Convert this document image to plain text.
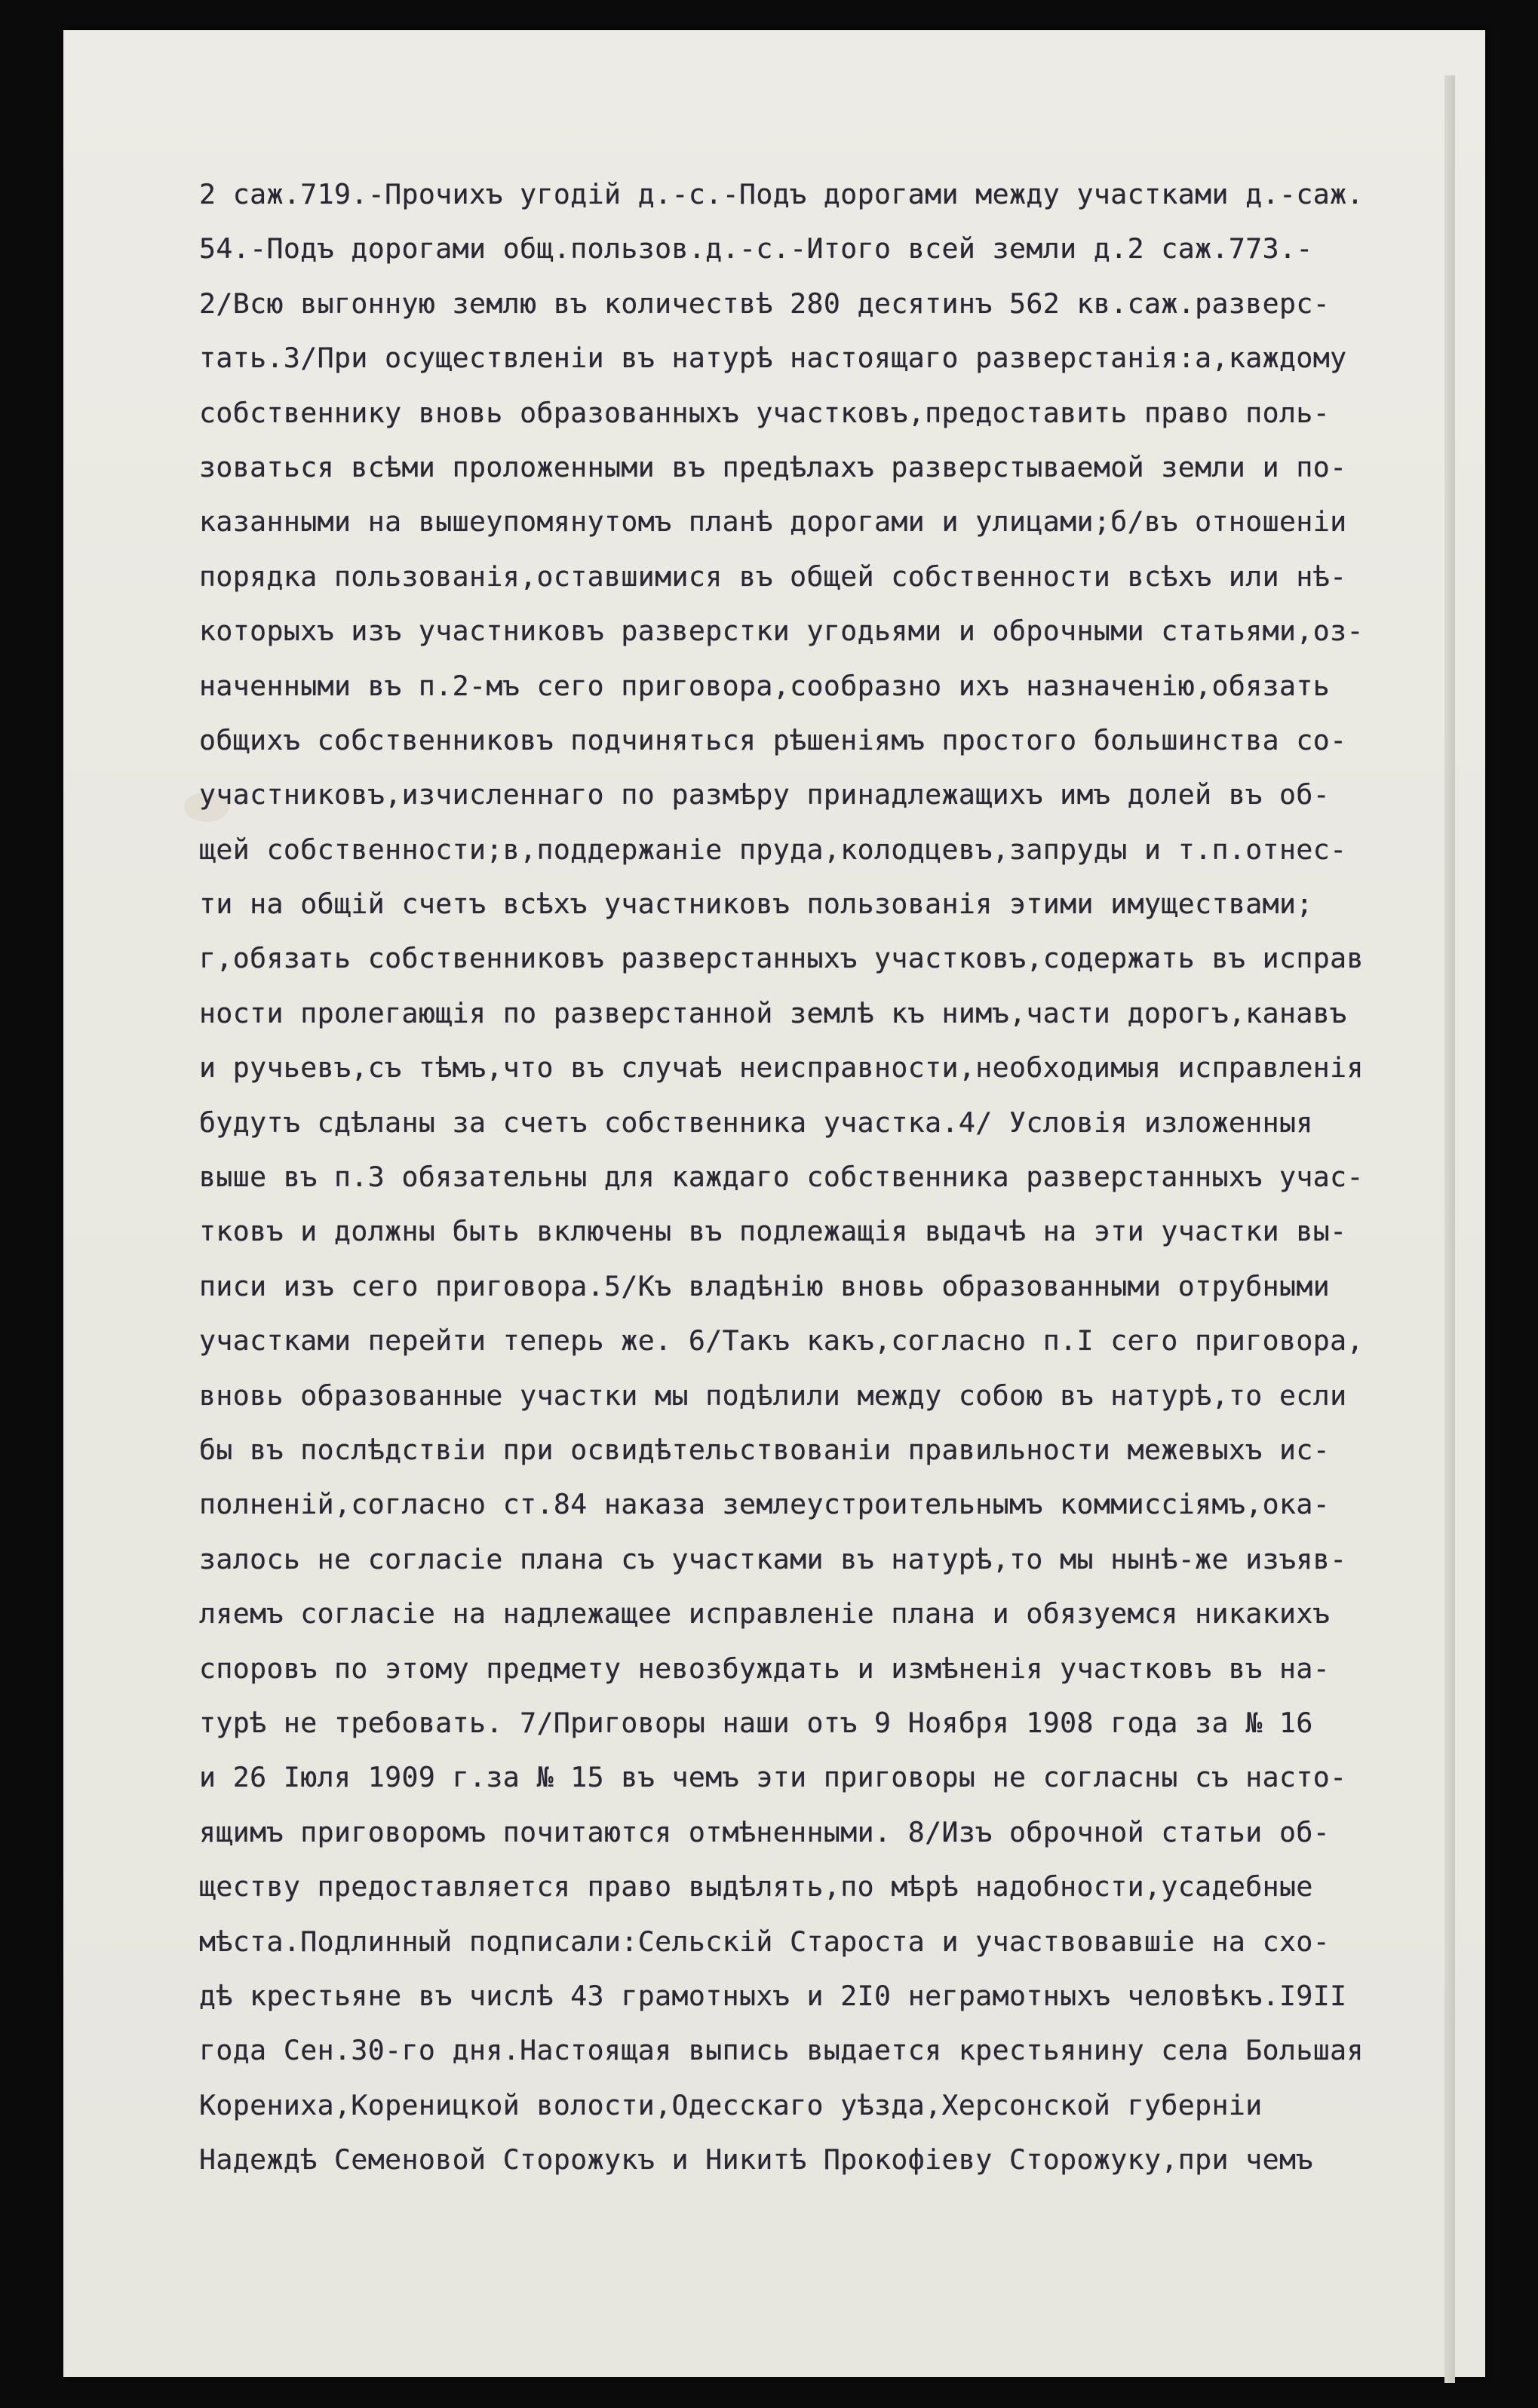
2 саж.719.-Прочихъ угодій д.-с.-Подъ дорогами между участками д.-саж.
54.-Подъ дорогами общ.пользов.д.-с.-Итого всей земли д.2 саж.773.-
2/Всю выгонную землю въ количествѣ 280 десятинъ 562 кв.саж.разверс-
тать.3/При осуществленіи въ натурѣ настоящаго разверстанія:а,каждому
собственнику вновь образованныхъ участковъ,предоставить право поль-
зоваться всѣми проложенными въ предѣлахъ разверстываемой земли и по-
казанными на вышеупомянутомъ планѣ дорогами и улицами;б/въ отношеніи
порядка пользованія,оставшимися въ общей собственности всѣхъ или нѣ-
которыхъ изъ участниковъ разверстки угодьями и оброчными статьями,оз-
наченными въ п.2-мъ сего приговора,сообразно ихъ назначенію,обязать
общихъ собственниковъ подчиняться рѣшеніямъ простого большинства со-
участниковъ,изчисленнаго по размѣру принадлежащихъ имъ долей въ об-
щей собственности;в,поддержаніе пруда,колодцевъ,запруды и т.п.отнес-
ти на общій счетъ всѣхъ участниковъ пользованія этими имуществами;
г,обязать собственниковъ разверстанныхъ участковъ,содержать въ исправ
ности пролегающія по разверстанной землѣ къ нимъ,части дорогъ,канавъ
и ручьевъ,съ тѣмъ,что въ случаѣ неисправности,необходимыя исправленія
будутъ сдѣланы за счетъ собственника участка.4/ Условія изложенныя
выше въ п.3 обязательны для каждаго собственника разверстанныхъ учас-
тковъ и должны быть включены въ подлежащія выдачѣ на эти участки вы-
писи изъ сего приговора.5/Къ владѣнію вновь образованными отрубными
участками перейти теперь же. 6/Такъ какъ,согласно п.I сего приговора,
вновь образованные участки мы подѣлили между собою въ натурѣ,то если
бы въ послѣдствіи при освидѣтельствованіи правильности межевыхъ ис-
полненій,согласно ст.84 наказа землеустроительнымъ коммиссіямъ,ока-
залось не согласіе плана съ участками въ натурѣ,то мы нынѣ-же изъяв-
ляемъ согласіе на надлежащее исправленіе плана и обязуемся никакихъ
споровъ по этому предмету невозбуждать и измѣненія участковъ въ на-
турѣ не требовать. 7/Приговоры наши отъ 9 Ноября 1908 года за № 16
и 26 Іюля 1909 г.за № 15 въ чемъ эти приговоры не согласны съ насто-
ящимъ приговоромъ почитаются отмѣненными. 8/Изъ оброчной статьи об-
ществу предоставляется право выдѣлять,по мѣрѣ надобности,усадебные
мѣста.Подлинный подписали:Сельскій Староста и участвовавшіе на схо-
дѣ крестьяне въ числѣ 43 грамотныхъ и 2I0 неграмотныхъ человѣкъ.I9II
года Сен.30-го дня.Настоящая выпись выдается крестьянину села Большая
Корениха,Кореницкой волости,Одесскаго уѣзда,Херсонской губерніи
Надеждѣ Семеновой Сторожукъ и Никитѣ Прокофіеву Сторожуку,при чемъ
